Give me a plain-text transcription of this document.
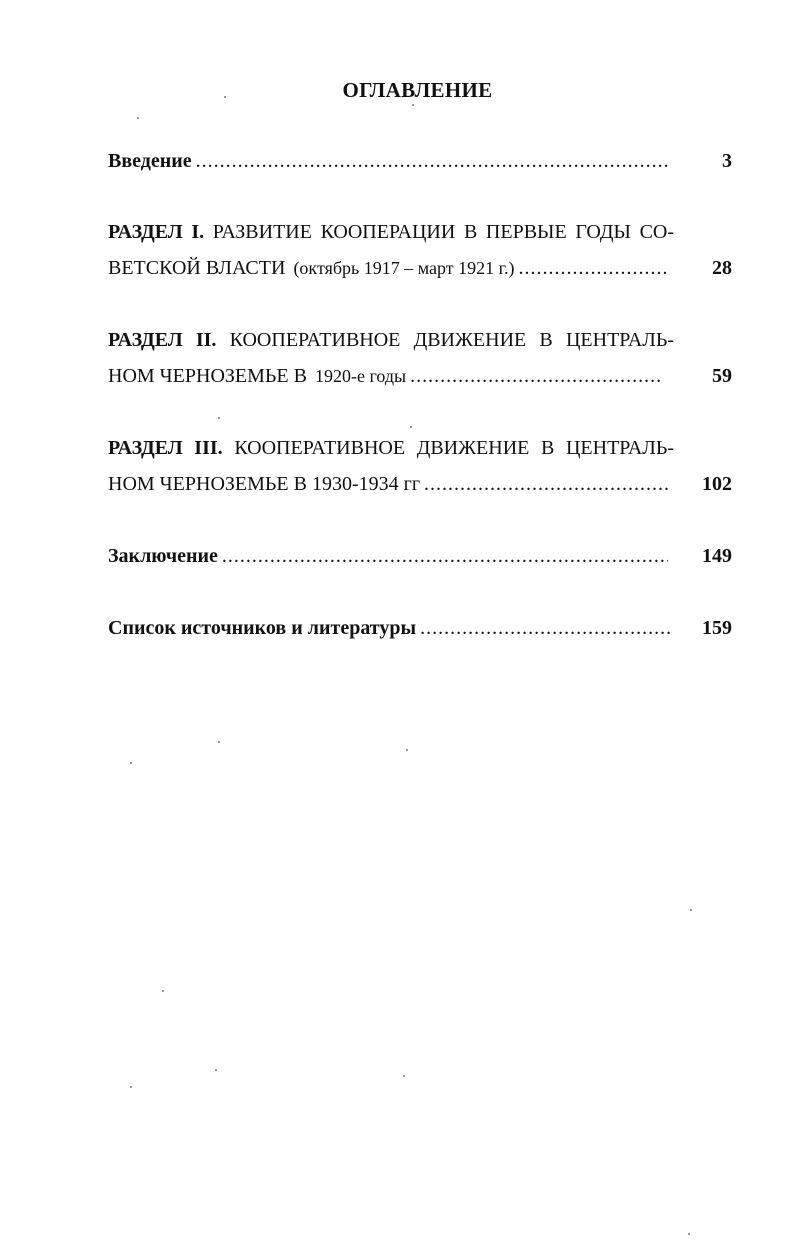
ОГЛАВЛЕНИЕ
Введение .....	3
РАЗДЕЛ I. РАЗВИТИЕ КООПЕРАЦИИ В ПЕРВЫЕ ГОДЫ СО-
ВЕТСКОЙ ВЛАСТИ (октябрь 1917 – март 1921 г.) .....	28
РАЗДЕЛ II. КООПЕРАТИВНОЕ ДВИЖЕНИЕ В ЦЕНТРАЛЬ-
НОМ ЧЕРНОЗЕМЬЕ В 1920-е годы .....	59
РАЗДЕЛ III. КООПЕРАТИВНОЕ ДВИЖЕНИЕ В ЦЕНТРАЛЬ-
НОМ ЧЕРНОЗЕМЬЕ В 1930-1934 гг .....	102
Заключение .....	149
Список источников и литературы .....	159
